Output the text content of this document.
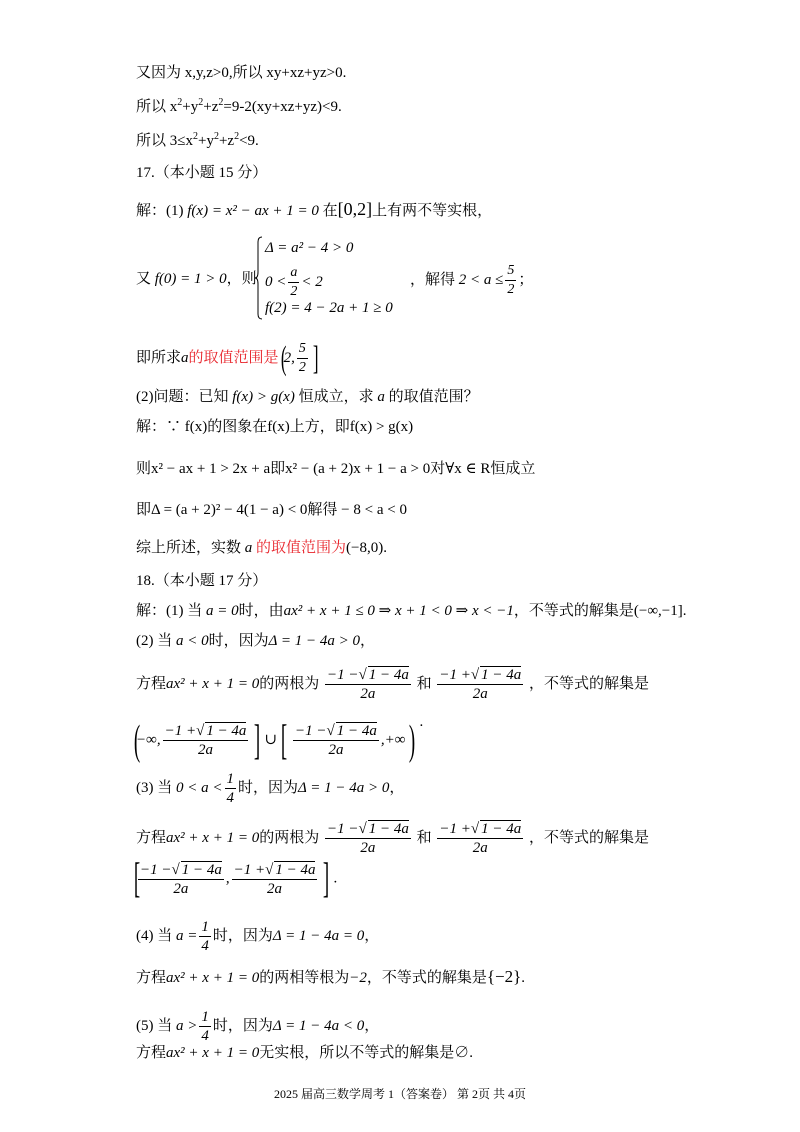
又因为 x,y,z>0,所以 xy+xz+yz>0.
所以 $x^2+y^2+z^2=9-2(xy+xz+yz)<9$.
所以 $3\le x^2+y^2+z^2<9$.
17.（本小题 15 分）
解：(1) f(x) = x² − ax + 1 = 0 在[0,2]上有两不等实根，
又 f(0) = 1 > 0，则
Δ = a² − 4 > 0
$0 < \frac{a}{2} < 2$
f(2) = 4 − 2a + 1 ≥ 0
，解得 $2 < a \le \frac{5}{2}$ ；
即所求a的取值范围是 (2, $\frac{5}{2}$ ]
(2)问题：已知 f(x) > g(x) 恒成立，求 a 的取值范围？
解：∵ f(x)的图象在f(x)上方，即f(x) > g(x)
则x² − ax + 1 > 2x + a即x² − (a + 2)x + 1 − a > 0对∀x ∈ R恒成立
即Δ = (a + 2)² − 4(1 − a) < 0解得 − 8 < a < 0
综上所述，实数 a 的取值范围为(−8,0).
18.（本小题 17 分）
解：(1) 当 a = 0时，由ax² + x + 1 ≤ 0 ⇒ x + 1 < 0 ⇒ x < −1，不等式的解集是(−∞,−1].
(2) 当 a < 0时，因为Δ = 1 − 4a > 0，
方程ax² + x + 1 = 0的两根为 $\frac{-1 -√ 1 - 4a}{2a}$ 和 $\frac{-1 +√ 1 - 4a}{2a}$ ，不等式的解集是
(−∞, $\frac{-1 +√ 1 - 4a}{2a}$ ] ∪[ $\frac{-1 -√ 1 - 4a}{2a}$ ,+∞) .
(3) 当 $0 < a < \frac{1}{4}$ 时，因为Δ = 1 − 4a > 0，
方程ax² + x + 1 = 0的两根为 $\frac{-1 -√ 1 - 4a}{2a}$ 和 $\frac{-1 +√ 1 - 4a}{2a}$ ，不等式的解集是
[
$\frac{-1 -√ 1 - 4a}{2a}$ , $\frac{-1 +√ 1 - 4a}{2a}$ ] .
(4) 当 $a = \frac{1}{4}$ 时，因为Δ = 1 − 4a = 0，
方程ax² + x + 1 = 0的两相等根为−2，不等式的解集是{−2}.
(5) 当 $a > \frac{1}{4}$ 时，因为Δ = 1 − 4a < 0，
方程ax² + x + 1 = 0无实根，所以不等式的解集是∅.
2025 届高三数学周考 1（答案卷） 第 2页 共 4页
